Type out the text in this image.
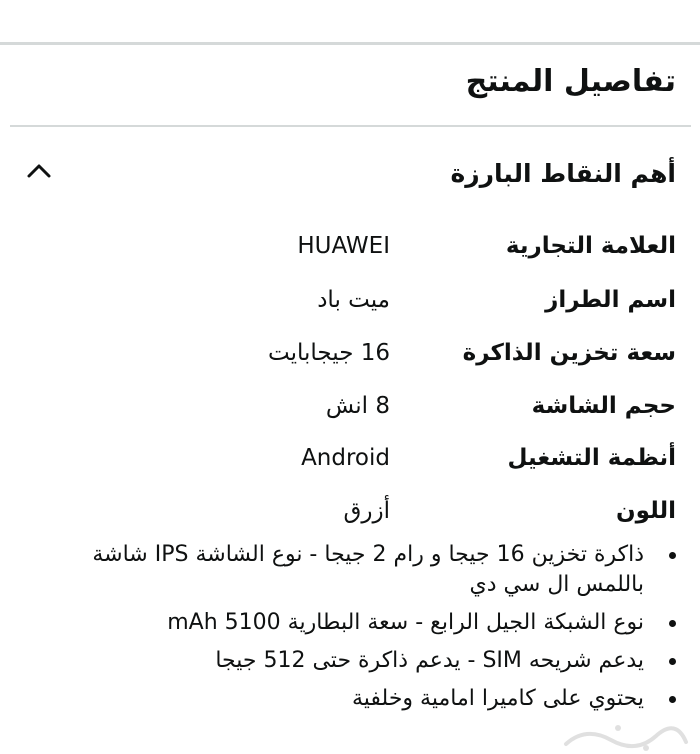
تفاصيل المنتج
أهم النقاط البارزة
العلامة التجارية
HUAWEI
اسم الطراز
ميت باد
سعة تخزين الذاكرة
16 جيجابايت
حجم الشاشة
8 انش
أنظمة التشغيل
Android
اللون
أزرق
ذاكرة تخزين 16 جيجا و رام 2 جيجا - نوع الشاشة IPS شاشة باللمس ال سي دي
نوع الشبكة الجيل الرابع - سعة البطارية 5100 mAh
يدعم شريحه SIM - يدعم ذاكرة حتى 512 جيجا
يحتوي على كاميرا امامية وخلفية
